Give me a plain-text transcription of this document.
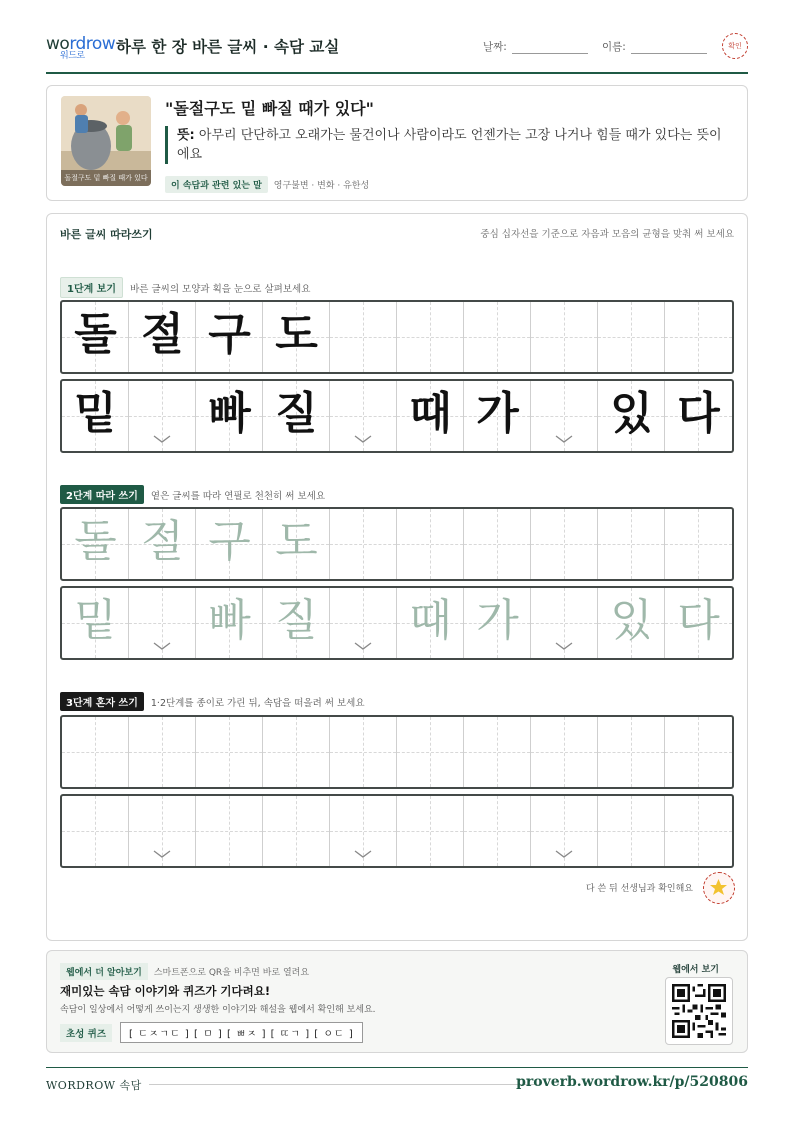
wordrow
워드로 하루 한 장 바른 글씨 · 속담 교실	날짜:	이름:	확인
돌절구도 밑 빠질 때가 있다
"돌절구도 밑 빠질 때가 있다"
뜻: 아무리 단단하고 오래가는 물건이나 사람이라도 언젠가는 고장 나거나 힘들 때가 있다는 뜻이에요
이 속담과 관련 있는 말 영구불변 · 변화 · 유한성
바른 글씨 따라쓰기	중심 십자선을 기준으로 자음과 모음의 균형을 맞춰 써 보세요
1단계 보기 바른 글씨의 모양과 획을 눈으로 살펴보세요
돌 절 구 도
밑 빠 질 때 가 있 다
2단계 따라 쓰기 옅은 글씨를 따라 연필로 천천히 써 보세요
돌 절 구 도
밑 빠 질 때 가 있 다
3단계 혼자 쓰기 1·2단계를 종이로 가린 뒤, 속담을 떠올려 써 보세요
다 쓴 뒤 선생님과 확인해요
웹에서 더 알아보기 스마트폰으로 QR을 비추면 바로 열려요
재미있는 속담 이야기와 퀴즈가 기다려요!
속담이 일상에서 어떻게 쓰이는지 생생한 이야기와 해설을 웹에서 확인해 보세요.
초성 퀴즈 [ ㄷㅈㄱㄷ ] [ ㅁ ] [ ㅃㅈ ] [ ㄸㄱ ] [ ㅇㄷ ]
웹에서 보기
WORDROW 속담	proverb.wordrow.kr/p/520806
